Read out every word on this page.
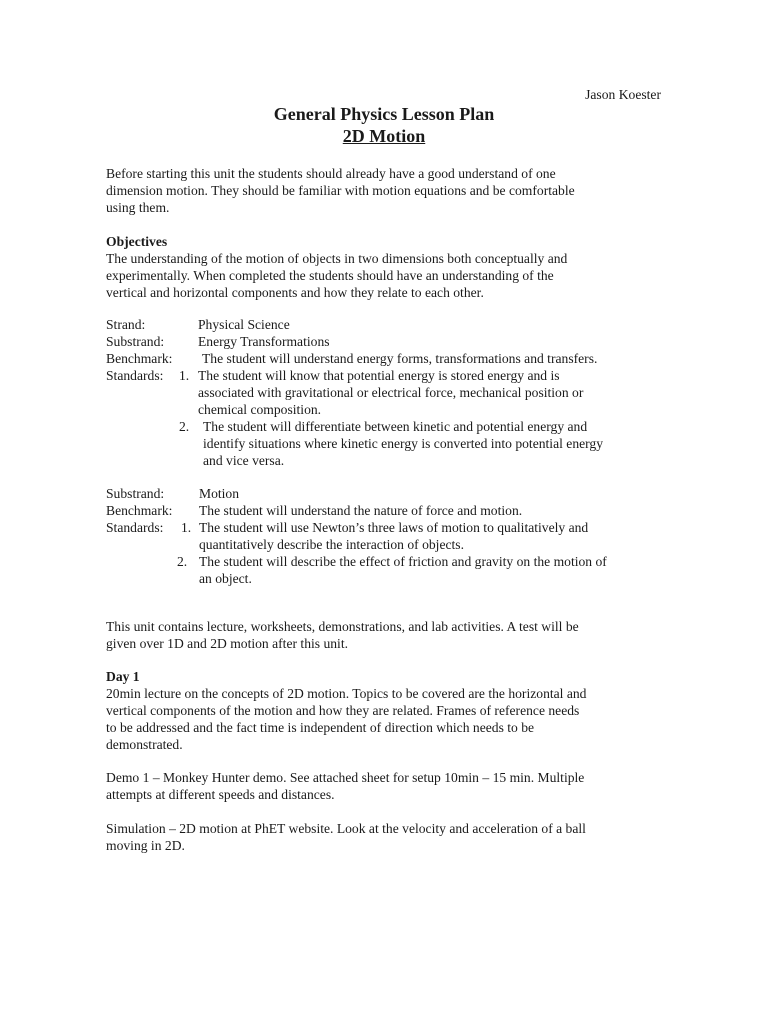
Jason Koester
General Physics Lesson Plan
2D Motion
Before starting this unit the students should already have a good understand of one
dimension motion. They should be familiar with motion equations and be comfortable
using them.
Objectives
The understanding of the motion of objects in two dimensions both conceptually and
experimentally. When completed the students should have an understanding of the
vertical and horizontal components and how they relate to each other.
Strand:	Physical Science
Substrand: Energy Transformations
Benchmark: The student will understand energy forms, transformations and transfers.
Standards: 1. The student will know that potential energy is stored energy and is
associated with gravitational or electrical force, mechanical position or
chemical composition.
2. The student will differentiate between kinetic and potential energy and
identify situations where kinetic energy is converted into potential energy
and vice versa.
Substrand:	Motion
Benchmark: The student will understand the nature of force and motion.
Standards: 1. The student will use Newton’s three laws of motion to qualitatively and
quantitatively describe the interaction of objects.
2. The student will describe the effect of friction and gravity on the motion of
an object.
This unit contains lecture, worksheets, demonstrations, and lab activities. A test will be
given over 1D and 2D motion after this unit.
Day 1
20min lecture on the concepts of 2D motion. Topics to be covered are the horizontal and
vertical components of the motion and how they are related. Frames of reference needs
to be addressed and the fact time is independent of direction which needs to be
demonstrated.
Demo 1 – Monkey Hunter demo. See attached sheet for setup 10min – 15 min. Multiple
attempts at different speeds and distances.
Simulation – 2D motion at PhET website. Look at the velocity and acceleration of a ball
moving in 2D.
